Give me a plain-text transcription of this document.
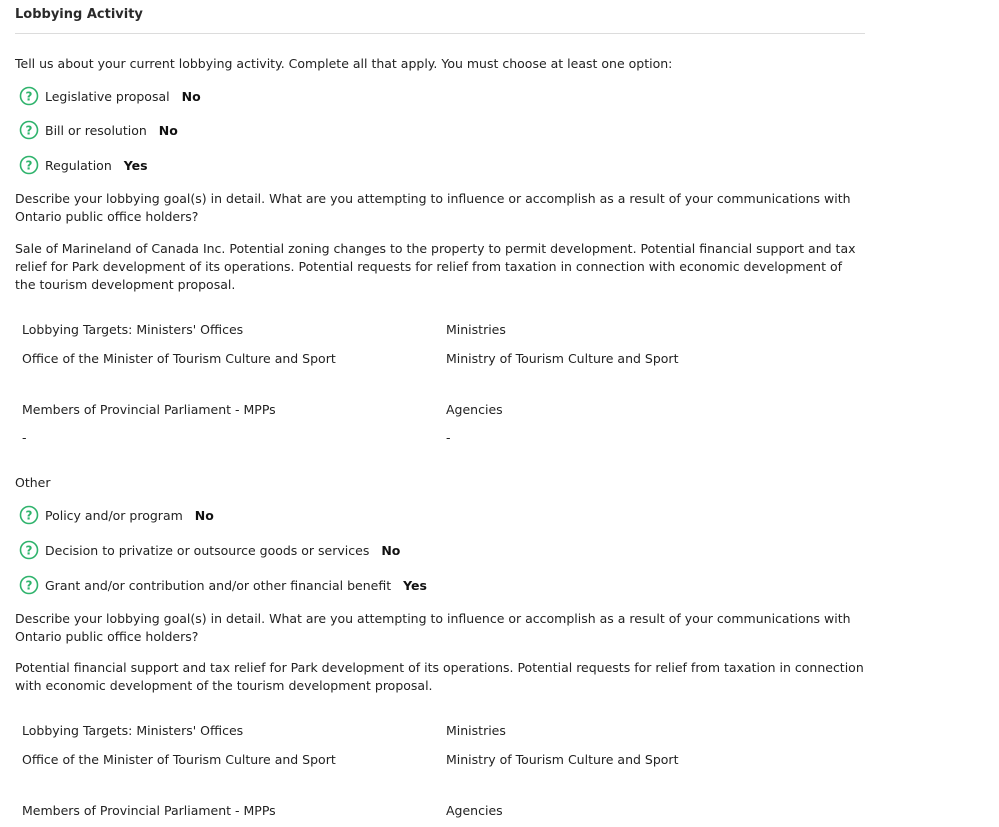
Lobbying Activity
Tell us about your current lobbying activity. Complete all that apply. You must choose at least one option:
? Legislative proposal No
? Bill or resolution No
? Regulation Yes
Describe your lobbying goal(s) in detail. What are you attempting to influence or accomplish as a result of your communications with Ontario public office holders?
Sale of Marineland of Canada Inc. Potential zoning changes to the property to permit development. Potential financial support and tax relief for Park development of its operations. Potential requests for relief from taxation in connection with economic development of the tourism development proposal.
Lobbying Targets: Ministers' Offices	Ministries
Office of the Minister of Tourism Culture and Sport	Ministry of Tourism Culture and Sport
Members of Provincial Parliament - MPPs	Agencies
-	-
Other
? Policy and/or program No
? Decision to privatize or outsource goods or services No
? Grant and/or contribution and/or other financial benefit Yes
Describe your lobbying goal(s) in detail. What are you attempting to influence or accomplish as a result of your communications with Ontario public office holders?
Potential financial support and tax relief for Park development of its operations. Potential requests for relief from taxation in connection with economic development of the tourism development proposal.
Lobbying Targets: Ministers' Offices	Ministries
Office of the Minister of Tourism Culture and Sport	Ministry of Tourism Culture and Sport
Members of Provincial Parliament - MPPs	Agencies
